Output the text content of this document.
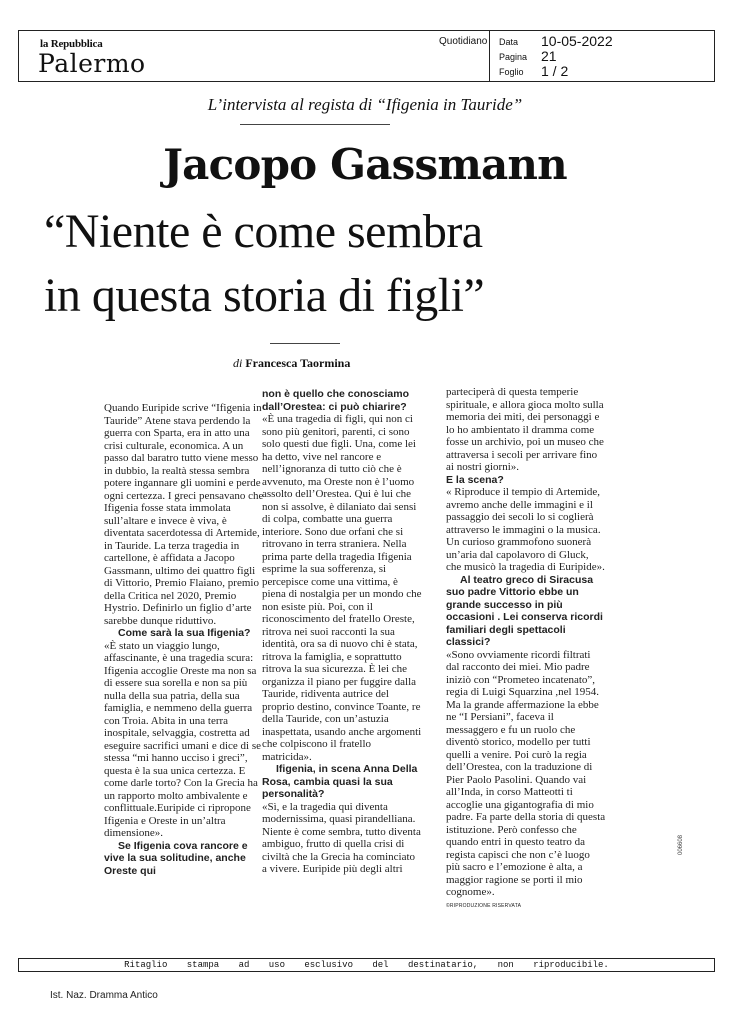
la Repubblica
Palermo
Quotidiano Data 10-05-2022
Pagina 21
Foglio 1 / 2
L’intervista al regista di “Ifigenia in Tauride”
Jacopo Gassmann
“Niente è come sembra
in questa storia di figli”
di Francesca Taormina

Quando Euripide scrive “Ifigenia in Tauride” Atene stava perdendo la guerra con Sparta, era in atto una crisi culturale, economica. A un passo dal baratro tutto viene messo in dubbio, la realtà stessa sembra potere ingannare gli uomini e perde ogni certezza. I greci pensavano che Ifigenia fosse stata immolata sull’altare e invece è viva, è diventata sacerdotessa di Artemide, in Tauride. La terza tragedia in cartellone, è affidata a Jacopo Gassmann, ultimo dei quattro figli di Vittorio, Premio Flaiano, premio della Critica nel 2020, Premio Hystrio. Definirlo un figlio d’arte sarebbe dunque riduttivo.

Come sarà la sua Ifigenia?

«È stato un viaggio lungo, affascinante, è una tragedia scura: Ifigenia accoglie Oreste ma non sa di essere sua sorella e non sa più nulla della sua patria, della sua famiglia, e nemmeno della guerra con Troia. Abita in una terra inospitale, selvaggia, costretta ad eseguire sacrifici umani e dice di se stessa “mi hanno ucciso i greci”, questa è la sua unica certezza. E come darle torto? Con la Grecia ha un rapporto molto ambivalente e conflittuale.Euripide ci ripropone Ifigenia e Oreste in un’altra dimensione».

Se Ifigenia cova rancore e vive la sua solitudine, anche Oreste qui

non è quello che conosciamo dall’Orestea: ci può chiarire?

«È una tragedia di figli, qui non ci sono più genitori, parenti, ci sono solo questi due figli. Una, come lei ha detto, vive nel rancore e nell’ignoranza di tutto ciò che è avvenuto, ma Oreste non è l’uomo assolto dell’Orestea. Qui è lui che non si assolve, è dilaniato dai sensi di colpa, combatte una guerra interiore. Sono due orfani che si ritrovano in terra straniera. Nella prima parte della tragedia Ifigenia esprime la sua sofferenza, si percepisce come una vittima, è piena di nostalgia per un mondo che non esiste più. Poi, con il riconoscimento del fratello Oreste, ritrova nei suoi racconti la sua identità, ora sa di nuovo chi è stata, ritrova la famiglia, e soprattutto ritrova la sua sicurezza. È lei che organizza il piano per fuggire dalla Tauride, ridiventa autrice del proprio destino, convince Toante, re della Tauride, con un’astuzia inaspettata, usando anche argomenti che colpiscono il fratello matricida».

Ifigenia, in scena Anna Della Rosa, cambia quasi la sua personalità?

«Sì, e la tragedia qui diventa modernissima, quasi pirandelliana. Niente è come sembra, tutto diventa ambiguo, frutto di quella crisi di civiltà che la Grecia ha cominciato a vivere. Euripide più degli altri

parteciperà di questa temperie spirituale, e allora gioca molto sulla memoria dei miti, dei personaggi e lo ho ambientato il dramma come fosse un archivio, poi un museo che attraversa i secoli per arrivare fino ai nostri giorni».

E la scena?

« Riproduce il tempio di Artemide, avremo anche delle immagini e il passaggio dei secoli lo si coglierà attraverso le immagini o la musica. Un curioso grammofono suonerà un’aria dal capolavoro di Gluck, che musicò la tragedia di Euripide».

Al teatro greco di Siracusa suo padre Vittorio ebbe un grande successo in più occasioni . Lei conserva ricordi familiari degli spettacoli classici?

«Sono ovviamente ricordi filtrati dal racconto dei miei. Mio padre iniziò con “Prometeo incatenato”, regia di Luigi Squarzina ,nel 1954. Ma la grande affermazione la ebbe ne “I Persiani”, faceva il messaggero e fu un ruolo che diventò storico, modello per tutti quelli a venire. Poi curò la regia dell’Orestea, con la traduzione di Pier Paolo Pasolini. Quando vai all’Inda, in corso Matteotti ti accoglie una gigantografia di mio padre. Fa parte della storia di questa istituzione. Però confesso che quando entri in questo teatro da regista capisci che non c’è luogo più sacro e l’emozione è alta, a maggior ragione se porti il mio cognome».

©RIPRODUZIONE RISERVATA

006608
Ritaglio stampa ad uso esclusivo del destinatario, non riproducibile.
Ist. Naz. Dramma Antico
